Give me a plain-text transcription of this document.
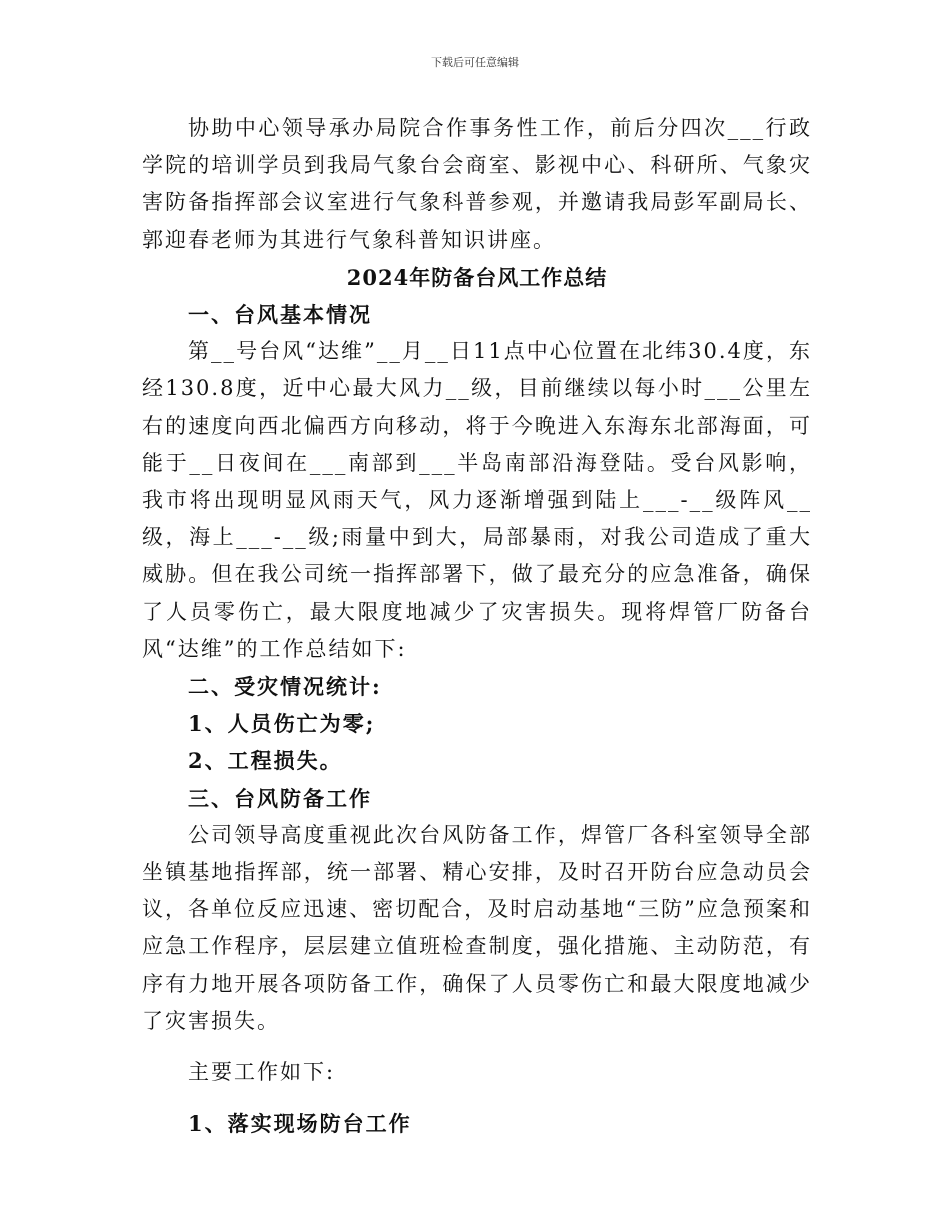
下载后可任意编辑

协助中心领导承办局院合作事务性工作，前后分四次___行政学院的培训学员到我局气象台会商室、影视中心、科研所、气象灾害防备指挥部会议室进行气象科普参观，并邀请我局彭军副局长、郭迎春老师为其进行气象科普知识讲座。

2024年防备台风工作总结

一、台风基本情况

第__号台风“达维”__月__日11点中心位置在北纬30.4度，东经130.8度，近中心最大风力__级，目前继续以每小时___公里左右的速度向西北偏西方向移动，将于今晚进入东海东北部海面，可能于__日夜间在___南部到___半岛南部沿海登陆。受台风影响，我市将出现明显风雨天气，风力逐渐增强到陆上___-__级阵风__级，海上___-__级;雨量中到大，局部暴雨，对我公司造成了重大威胁。但在我公司统一指挥部署下，做了最充分的应急准备，确保了人员零伤亡，最大限度地减少了灾害损失。现将焊管厂防备台风“达维”的工作总结如下:

二、受灾情况统计:

1、人员伤亡为零;

2、工程损失。

三、台风防备工作

公司领导高度重视此次台风防备工作，焊管厂各科室领导全部坐镇基地指挥部，统一部署、精心安排，及时召开防台应急动员会议，各单位反应迅速、密切配合，及时启动基地“三防”应急预案和应急工作程序，层层建立值班检查制度，强化措施、主动防范，有序有力地开展各项防备工作，确保了人员零伤亡和最大限度地减少了灾害损失。

主要工作如下:

1、落实现场防台工作
